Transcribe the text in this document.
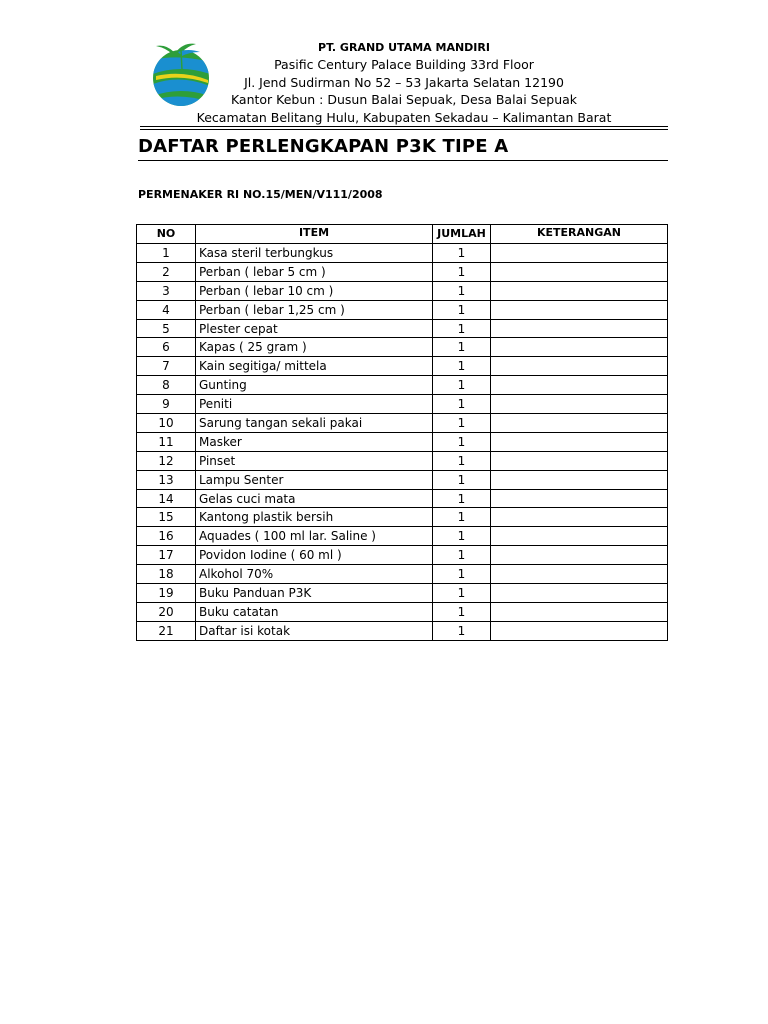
PT. GRAND UTAMA MANDIRI
Pasific Century Palace Building 33rd Floor
Jl. Jend Sudirman No 52 – 53 Jakarta Selatan 12190
Kantor Kebun : Dusun Balai Sepuak, Desa Balai Sepuak
Kecamatan Belitang Hulu, Kabupaten Sekadau – Kalimantan Barat
DAFTAR PERLENGKAPAN P3K TIPE A
PERMENAKER RI NO.15/MEN/V111/2008
NO	ITEM	JUMLAH	KETERANGAN
1	Kasa steril terbungkus	1	
2	Perban ( lebar 5 cm )	1	
3	Perban ( lebar 10 cm )	1	
4	Perban ( lebar 1,25 cm )	1	
5	Plester cepat	1	
6	Kapas ( 25 gram )	1	
7	Kain segitiga/ mittela	1	
8	Gunting	1	
9	Peniti	1	
10	Sarung tangan sekali pakai	1	
11	Masker	1	
12	Pinset	1	
13	Lampu Senter	1	
14	Gelas cuci mata	1	
15	Kantong plastik bersih	1	
16	Aquades ( 100 ml lar. Saline )	1	
17	Povidon Iodine ( 60 ml )	1	
18	Alkohol 70%	1	
19	Buku Panduan P3K	1	
20	Buku catatan	1	
21	Daftar isi kotak	1	
